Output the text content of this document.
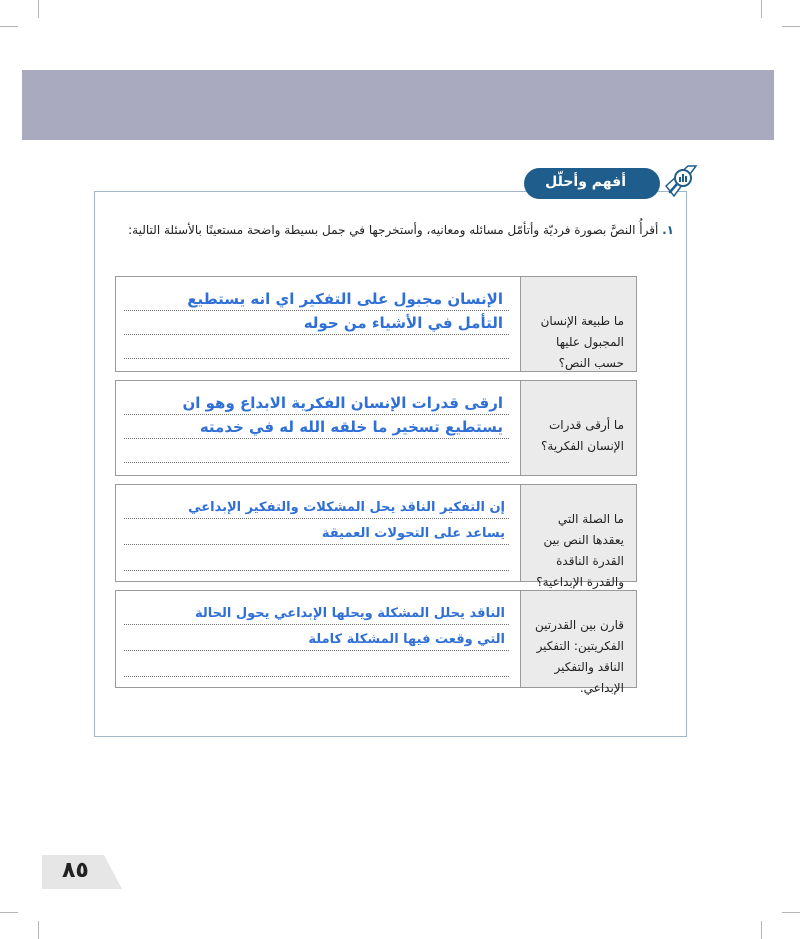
أفهم وأحلّل
١. أقرأُ النصَّ بصورة فرديّة وأتأمّل مسائله ومعانيه، وأستخرجها في جمل بسيطة واضحة مستعينًا بالأسئلة التالية:
ما طبيعة الإنسان المجبول عليها حسب النص؟
الإنسان مجبول على التفكير اي انه يستطيع
التأمل في الأشياء من حوله
ما أرقى قدرات الإنسان الفكرية؟
ارقى قدرات الإنسان الفكرية الابداع وهو ان
يستطيع تسخير ما خلقه الله له في خدمته
ما الصلة التي يعقدها النص بين القدرة الناقدة والقدرة الإبداعية؟
إن التفكير الناقد يحل المشكلات والتفكير الإبداعي
يساعد على التحولات العميقة
قارن بين القدرتين الفكريتين: التفكير الناقد والتفكير الإبداعي.
الناقد يحلل المشكلة ويحلها الإبداعي يحول الحالة
التي وقعت فيها المشكلة كاملة
٨٥
